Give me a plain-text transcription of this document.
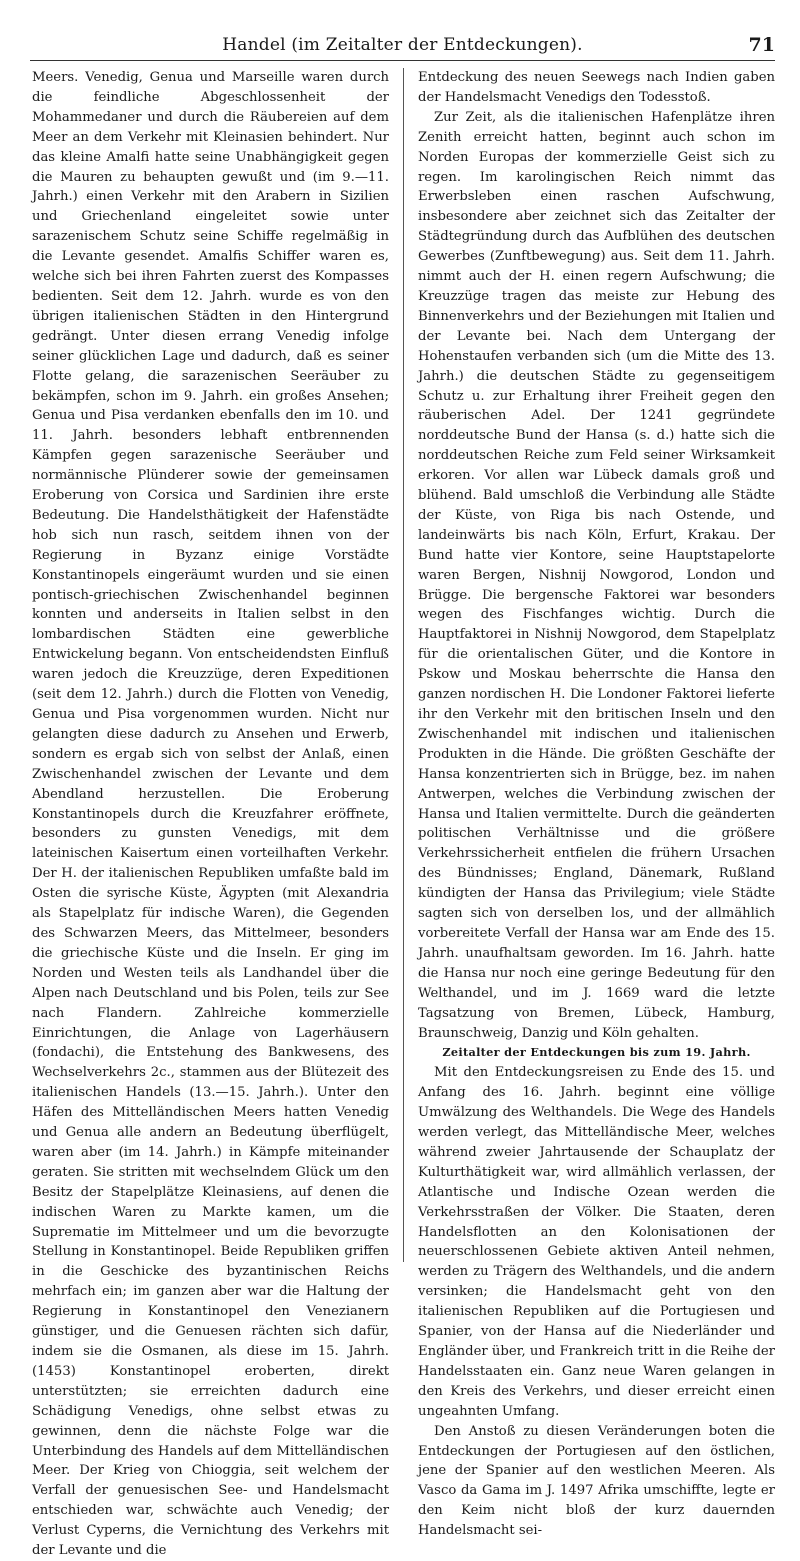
Handel (im Zeitalter der Entdeckungen).	71

Meers. Venedig, Genua und Marseille waren durch die feindliche Abgeschlossenheit der Mohammedaner und durch die Räubereien auf dem Meer an dem Verkehr mit Kleinasien behindert. Nur das kleine Amalfi hatte seine Unabhängigkeit gegen die Mauren zu behaupten gewußt und (im 9.—11. Jahrh.) einen Verkehr mit den Arabern in Sizilien und Griechenland eingeleitet sowie unter sarazenischem Schutz seine Schiffe regelmäßig in die Levante gesendet. Amalfis Schiffer waren es, welche sich bei ihren Fahrten zuerst des Kompasses bedienten. Seit dem 12. Jahrh. wurde es von den übrigen italienischen Städten in den Hintergrund gedrängt. Unter diesen errang Venedig infolge seiner glücklichen Lage und dadurch, daß es seiner Flotte gelang, die sarazenischen Seeräuber zu bekämpfen, schon im 9. Jahrh. ein großes Ansehen; Genua und Pisa verdanken ebenfalls den im 10. und 11. Jahrh. besonders lebhaft entbrennenden Kämpfen gegen sarazenische Seeräuber und normännische Plünderer sowie der gemeinsamen Eroberung von Corsica und Sardinien ihre erste Bedeutung. Die Handelsthätigkeit der Hafenstädte hob sich nun rasch, seitdem ihnen von der Regierung in Byzanz einige Vorstädte Konstantinopels eingeräumt wurden und sie einen pontisch-griechischen Zwischenhandel beginnen konnten und anderseits in Italien selbst in den lombardischen Städten eine gewerbliche Entwickelung begann. Von entscheidendsten Einfluß waren jedoch die Kreuzzüge, deren Expeditionen (seit dem 12. Jahrh.) durch die Flotten von Venedig, Genua und Pisa vorgenommen wurden. Nicht nur gelangten diese dadurch zu Ansehen und Erwerb, sondern es ergab sich von selbst der Anlaß, einen Zwischenhandel zwischen der Levante und dem Abendland herzustellen. Die Eroberung Konstantinopels durch die Kreuzfahrer eröffnete, besonders zu gunsten Venedigs, mit dem lateinischen Kaisertum einen vorteilhaften Verkehr. Der H. der italienischen Republiken umfaßte bald im Osten die syrische Küste, Ägypten (mit Alexandria als Stapelplatz für indische Waren), die Gegenden des Schwarzen Meers, das Mittelmeer, besonders die griechische Küste und die Inseln. Er ging im Norden und Westen teils als Landhandel über die Alpen nach Deutschland und bis Polen, teils zur See nach Flandern. Zahlreiche kommerzielle Einrichtungen, die Anlage von Lagerhäusern (fondachi), die Entstehung des Bankwesens, des Wechselverkehrs 2c., stammen aus der Blütezeit des italienischen Handels (13.—15. Jahrh.). Unter den Häfen des Mittelländischen Meers hatten Venedig und Genua alle andern an Bedeutung überflügelt, waren aber (im 14. Jahrh.) in Kämpfe miteinander geraten. Sie stritten mit wechselndem Glück um den Besitz der Stapelplätze Kleinasiens, auf denen die indischen Waren zu Markte kamen, um die Suprematie im Mittelmeer und um die bevorzugte Stellung in Konstantinopel. Beide Republiken griffen in die Geschicke des byzantinischen Reichs mehrfach ein; im ganzen aber war die Haltung der Regierung in Konstantinopel den Venezianern günstiger, und die Genuesen rächten sich dafür, indem sie die Osmanen, als diese im 15. Jahrh. (1453) Konstantinopel eroberten, direkt unterstützten; sie erreichten dadurch eine Schädigung Venedigs, ohne selbst etwas zu gewinnen, denn die nächste Folge war die Unterbindung des Handels auf dem Mittelländischen Meer. Der Krieg von Chioggia, seit welchem der Verfall der genuesischen See- und Handelsmacht entschieden war, schwächte auch Venedig; der Verlust Cyperns, die Vernichtung des Verkehrs mit der Levante und die

Entdeckung des neuen Seewegs nach Indien gaben der Handelsmacht Venedigs den Todesstoß.

Zur Zeit, als die italienischen Hafenplätze ihren Zenith erreicht hatten, beginnt auch schon im Norden Europas der kommerzielle Geist sich zu regen. Im karolingischen Reich nimmt das Erwerbsleben einen raschen Aufschwung, insbesondere aber zeichnet sich das Zeitalter der Städtegründung durch das Aufblühen des deutschen Gewerbes (Zunftbewegung) aus. Seit dem 11. Jahrh. nimmt auch der H. einen regern Aufschwung; die Kreuzzüge tragen das meiste zur Hebung des Binnenverkehrs und der Beziehungen mit Italien und der Levante bei. Nach dem Untergang der Hohenstaufen verbanden sich (um die Mitte des 13. Jahrh.) die deutschen Städte zu gegenseitigem Schutz u. zur Erhaltung ihrer Freiheit gegen den räuberischen Adel. Der 1241 gegründete norddeutsche Bund der Hansa (s. d.) hatte sich die norddeutschen Reiche zum Feld seiner Wirksamkeit erkoren. Vor allen war Lübeck damals groß und blühend. Bald umschloß die Verbindung alle Städte der Küste, von Riga bis nach Ostende, und landeinwärts bis nach Köln, Erfurt, Krakau. Der Bund hatte vier Kontore, seine Hauptstapelorte waren Bergen, Nishnij Nowgorod, London und Brügge. Die bergensche Faktorei war besonders wegen des Fischfanges wichtig. Durch die Hauptfaktorei in Nishnij Nowgorod, dem Stapelplatz für die orientalischen Güter, und die Kontore in Pskow und Moskau beherrschte die Hansa den ganzen nordischen H. Die Londoner Faktorei lieferte ihr den Verkehr mit den britischen Inseln und den Zwischenhandel mit indischen und italienischen Produkten in die Hände. Die größten Geschäfte der Hansa konzentrierten sich in Brügge, bez. im nahen Antwerpen, welches die Verbindung zwischen der Hansa und Italien vermittelte. Durch die geänderten politischen Verhältnisse und die größere Verkehrssicherheit entfielen die frühern Ursachen des Bündnisses; England, Dänemark, Rußland kündigten der Hansa das Privilegium; viele Städte sagten sich von derselben los, und der allmählich vorbereitete Verfall der Hansa war am Ende des 15. Jahrh. unaufhaltsam geworden. Im 16. Jahrh. hatte die Hansa nur noch eine geringe Bedeutung für den Welthandel, und im J. 1669 ward die letzte Tagsatzung von Bremen, Lübeck, Hamburg, Braunschweig, Danzig und Köln gehalten.

Zeitalter der Entdeckungen bis zum 19. Jahrh.

Mit den Entdeckungsreisen zu Ende des 15. und Anfang des 16. Jahrh. beginnt eine völlige Umwälzung des Welthandels. Die Wege des Handels werden verlegt, das Mittelländische Meer, welches während zweier Jahrtausende der Schauplatz der Kulturthätigkeit war, wird allmählich verlassen, der Atlantische und Indische Ozean werden die Verkehrsstraßen der Völker. Die Staaten, deren Handelsflotten an den Kolonisationen der neuerschlossenen Gebiete aktiven Anteil nehmen, werden zu Trägern des Welthandels, und die andern versinken; die Handelsmacht geht von den italienischen Republiken auf die Portugiesen und Spanier, von der Hansa auf die Niederländer und Engländer über, und Frankreich tritt in die Reihe der Handelsstaaten ein. Ganz neue Waren gelangen in den Kreis des Verkehrs, und dieser erreicht einen ungeahnten Umfang.

Den Anstoß zu diesen Veränderungen boten die Entdeckungen der Portugiesen auf den östlichen, jene der Spanier auf den westlichen Meeren. Als Vasco da Gama im J. 1497 Afrika umschiffte, legte er den Keim nicht bloß der kurz dauernden Handelsmacht sei-
